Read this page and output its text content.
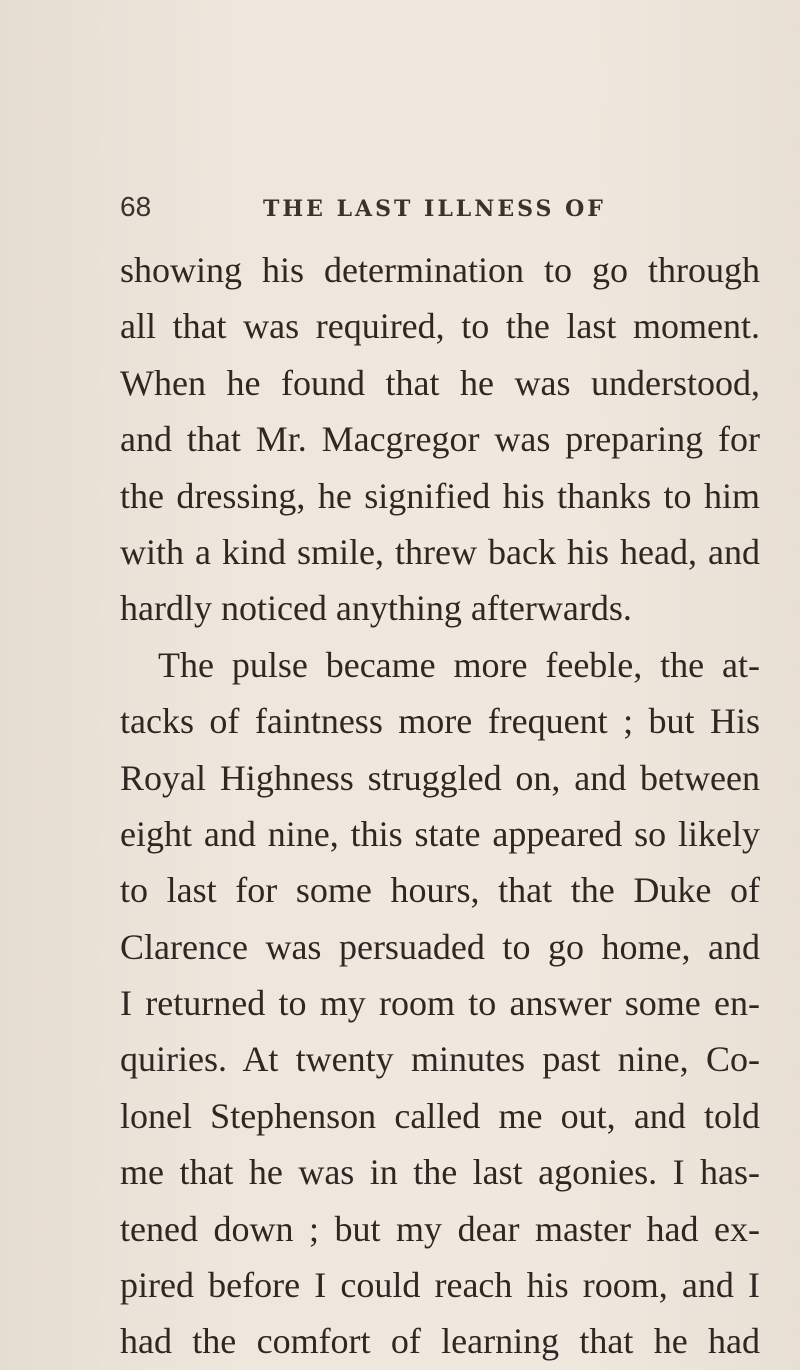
68	THE LAST ILLNESS OF
showing his determination to go through
all that was required, to the last moment.
When he found that he was understood,
and that Mr. Macgregor was preparing for
the dressing, he signified his thanks to him
with a kind smile, threw back his head, and
hardly noticed anything afterwards.
The pulse became more feeble, the at-
tacks of faintness more frequent ; but His
Royal Highness struggled on, and between
eight and nine, this state appeared so likely
to last for some hours, that the Duke of
Clarence was persuaded to go home, and
I returned to my room to answer some en-
quiries. At twenty minutes past nine, Co-
lonel Stephenson called me out, and told
me that he was in the last agonies. I has-
tened down ; but my dear master had ex-
pired before I could reach his room, and I
had the comfort of learning that he had
